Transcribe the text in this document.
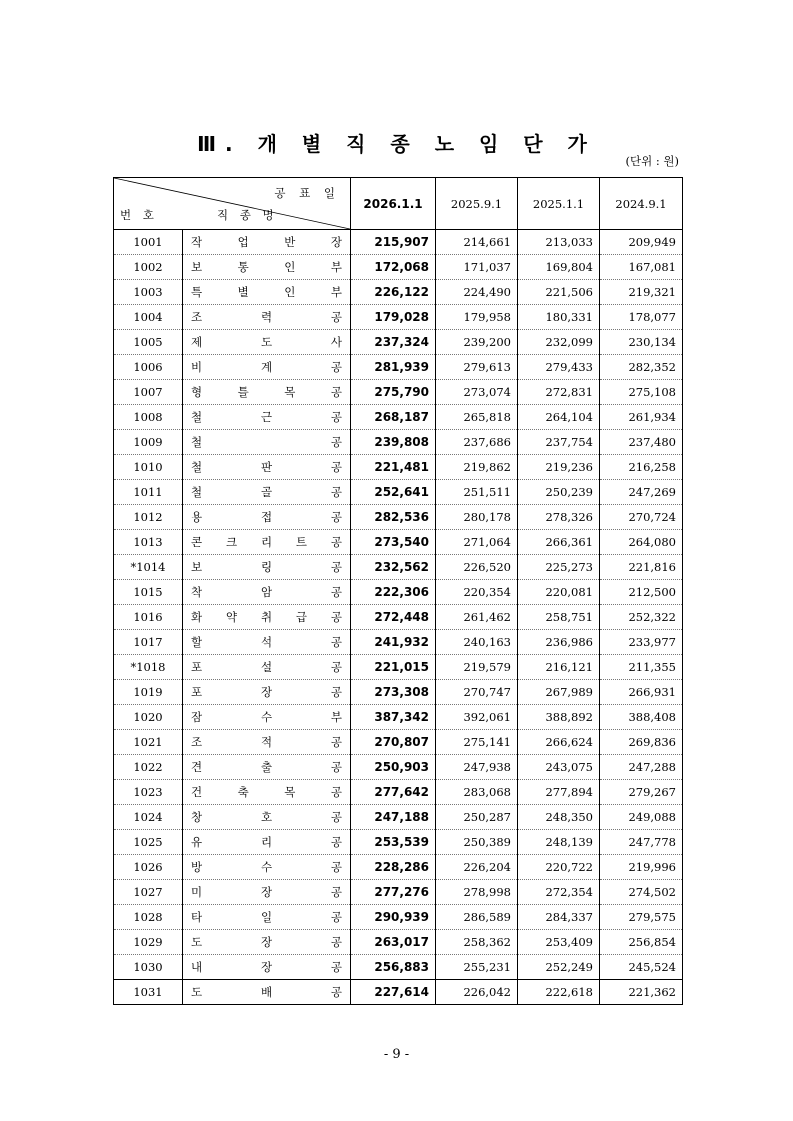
Ⅲ. 개 별 직 종 노 임 단 가
(단위 : 원)
공 표 일
번 호 직 종 명		2026.1.1	2025.9.1	2025.1.1	2024.9.1
1001	작 업 반 장	215,907	214,661	213,033	209,949
1002	보 통 인 부	172,068	171,037	169,804	167,081
1003	특 별 인 부	226,122	224,490	221,506	219,321
1004	조 력 공	179,028	179,958	180,331	178,077
1005	제 도 사	237,324	239,200	232,099	230,134
1006	비 계 공	281,939	279,613	279,433	282,352
1007	형 틀 목 공	275,790	273,074	272,831	275,108
1008	철 근 공	268,187	265,818	264,104	261,934
1009	철 공	239,808	237,686	237,754	237,480
1010	철 판 공	221,481	219,862	219,236	216,258
1011	철 골 공	252,641	251,511	250,239	247,269
1012	용 접 공	282,536	280,178	278,326	270,724
1013	콘 크 리 트 공	273,540	271,064	266,361	264,080
*1014	보 링 공	232,562	226,520	225,273	221,816
1015	착 암 공	222,306	220,354	220,081	212,500
1016	화 약 취 급 공	272,448	261,462	258,751	252,322
1017	할 석 공	241,932	240,163	236,986	233,977
*1018	포 설 공	221,015	219,579	216,121	211,355
1019	포 장 공	273,308	270,747	267,989	266,931
1020	잠 수 부	387,342	392,061	388,892	388,408
1021	조 적 공	270,807	275,141	266,624	269,836
1022	견 출 공	250,903	247,938	243,075	247,288
1023	건 축 목 공	277,642	283,068	277,894	279,267
1024	창 호 공	247,188	250,287	248,350	249,088
1025	유 리 공	253,539	250,389	248,139	247,778
1026	방 수 공	228,286	226,204	220,722	219,996
1027	미 장 공	277,276	278,998	272,354	274,502
1028	타 일 공	290,939	286,589	284,337	279,575
1029	도 장 공	263,017	258,362	253,409	256,854
1030	내 장 공	256,883	255,231	252,249	245,524
1031	도 배 공	227,614	226,042	222,618	221,362
- 9 -
